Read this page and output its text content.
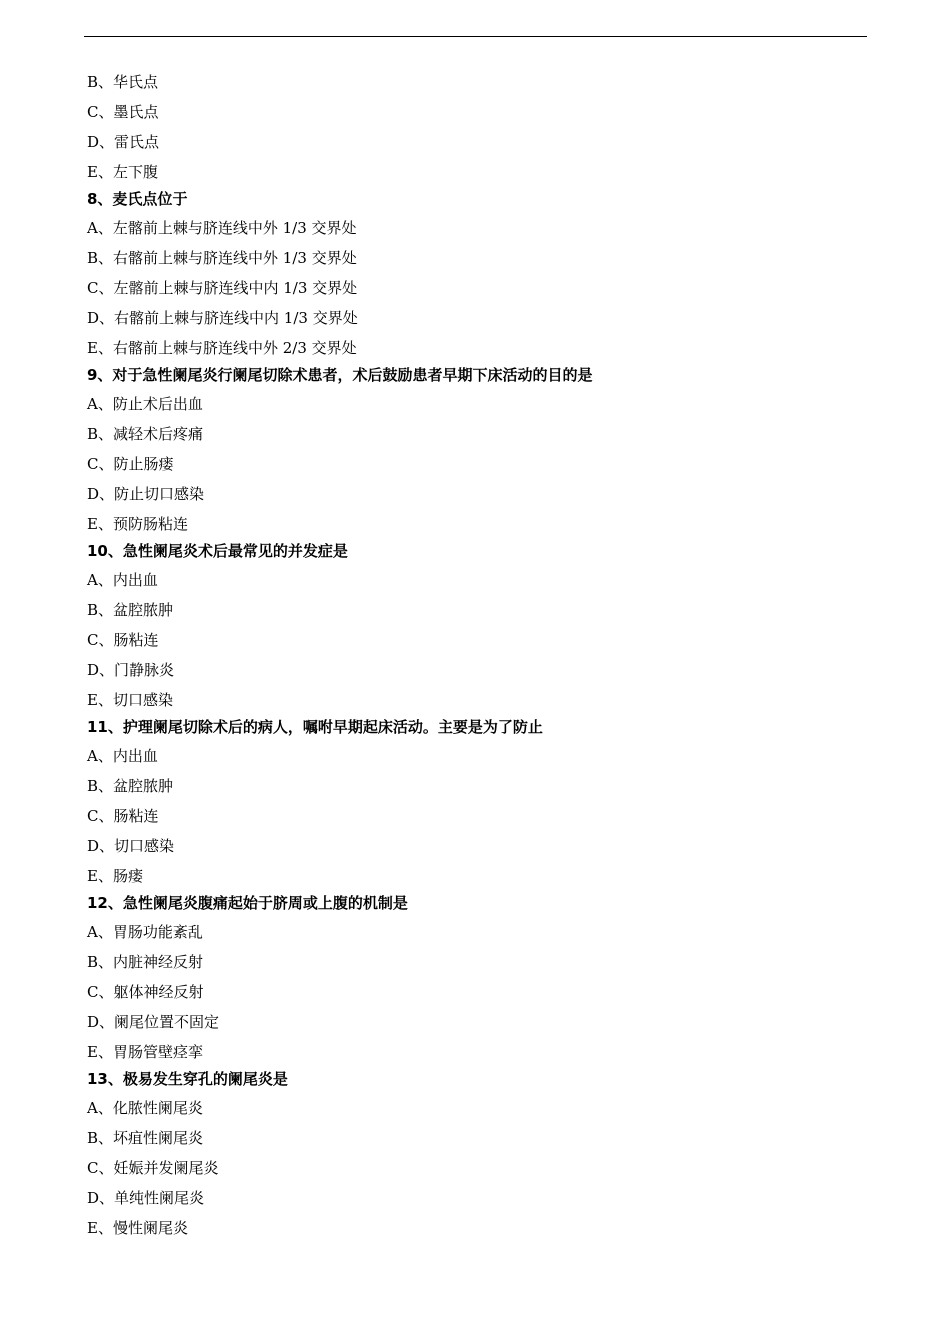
B、华氏点
C、墨氏点
D、雷氏点
E、左下腹
8、麦氏点位于
A、左髂前上棘与脐连线中外 1/3 交界处
B、右髂前上棘与脐连线中外 1/3 交界处
C、左髂前上棘与脐连线中内 1/3 交界处
D、右髂前上棘与脐连线中内 1/3 交界处
E、右髂前上棘与脐连线中外 2/3 交界处
9、对于急性阑尾炎行阑尾切除术患者，术后鼓励患者早期下床活动的目的是
A、防止术后出血
B、减轻术后疼痛
C、防止肠瘘
D、防止切口感染
E、预防肠粘连
10、急性阑尾炎术后最常见的并发症是
A、内出血
B、盆腔脓肿
C、肠粘连
D、门静脉炎
E、切口感染
11、护理阑尾切除术后的病人，嘱咐早期起床活动。主要是为了防止
A、内出血
B、盆腔脓肿
C、肠粘连
D、切口感染
E、肠瘘
12、急性阑尾炎腹痛起始于脐周或上腹的机制是
A、胃肠功能紊乱
B、内脏神经反射
C、躯体神经反射
D、阑尾位置不固定
E、胃肠管壁痉挛
13、极易发生穿孔的阑尾炎是
A、化脓性阑尾炎
B、坏疽性阑尾炎
C、妊娠并发阑尾炎
D、单纯性阑尾炎
E、慢性阑尾炎
